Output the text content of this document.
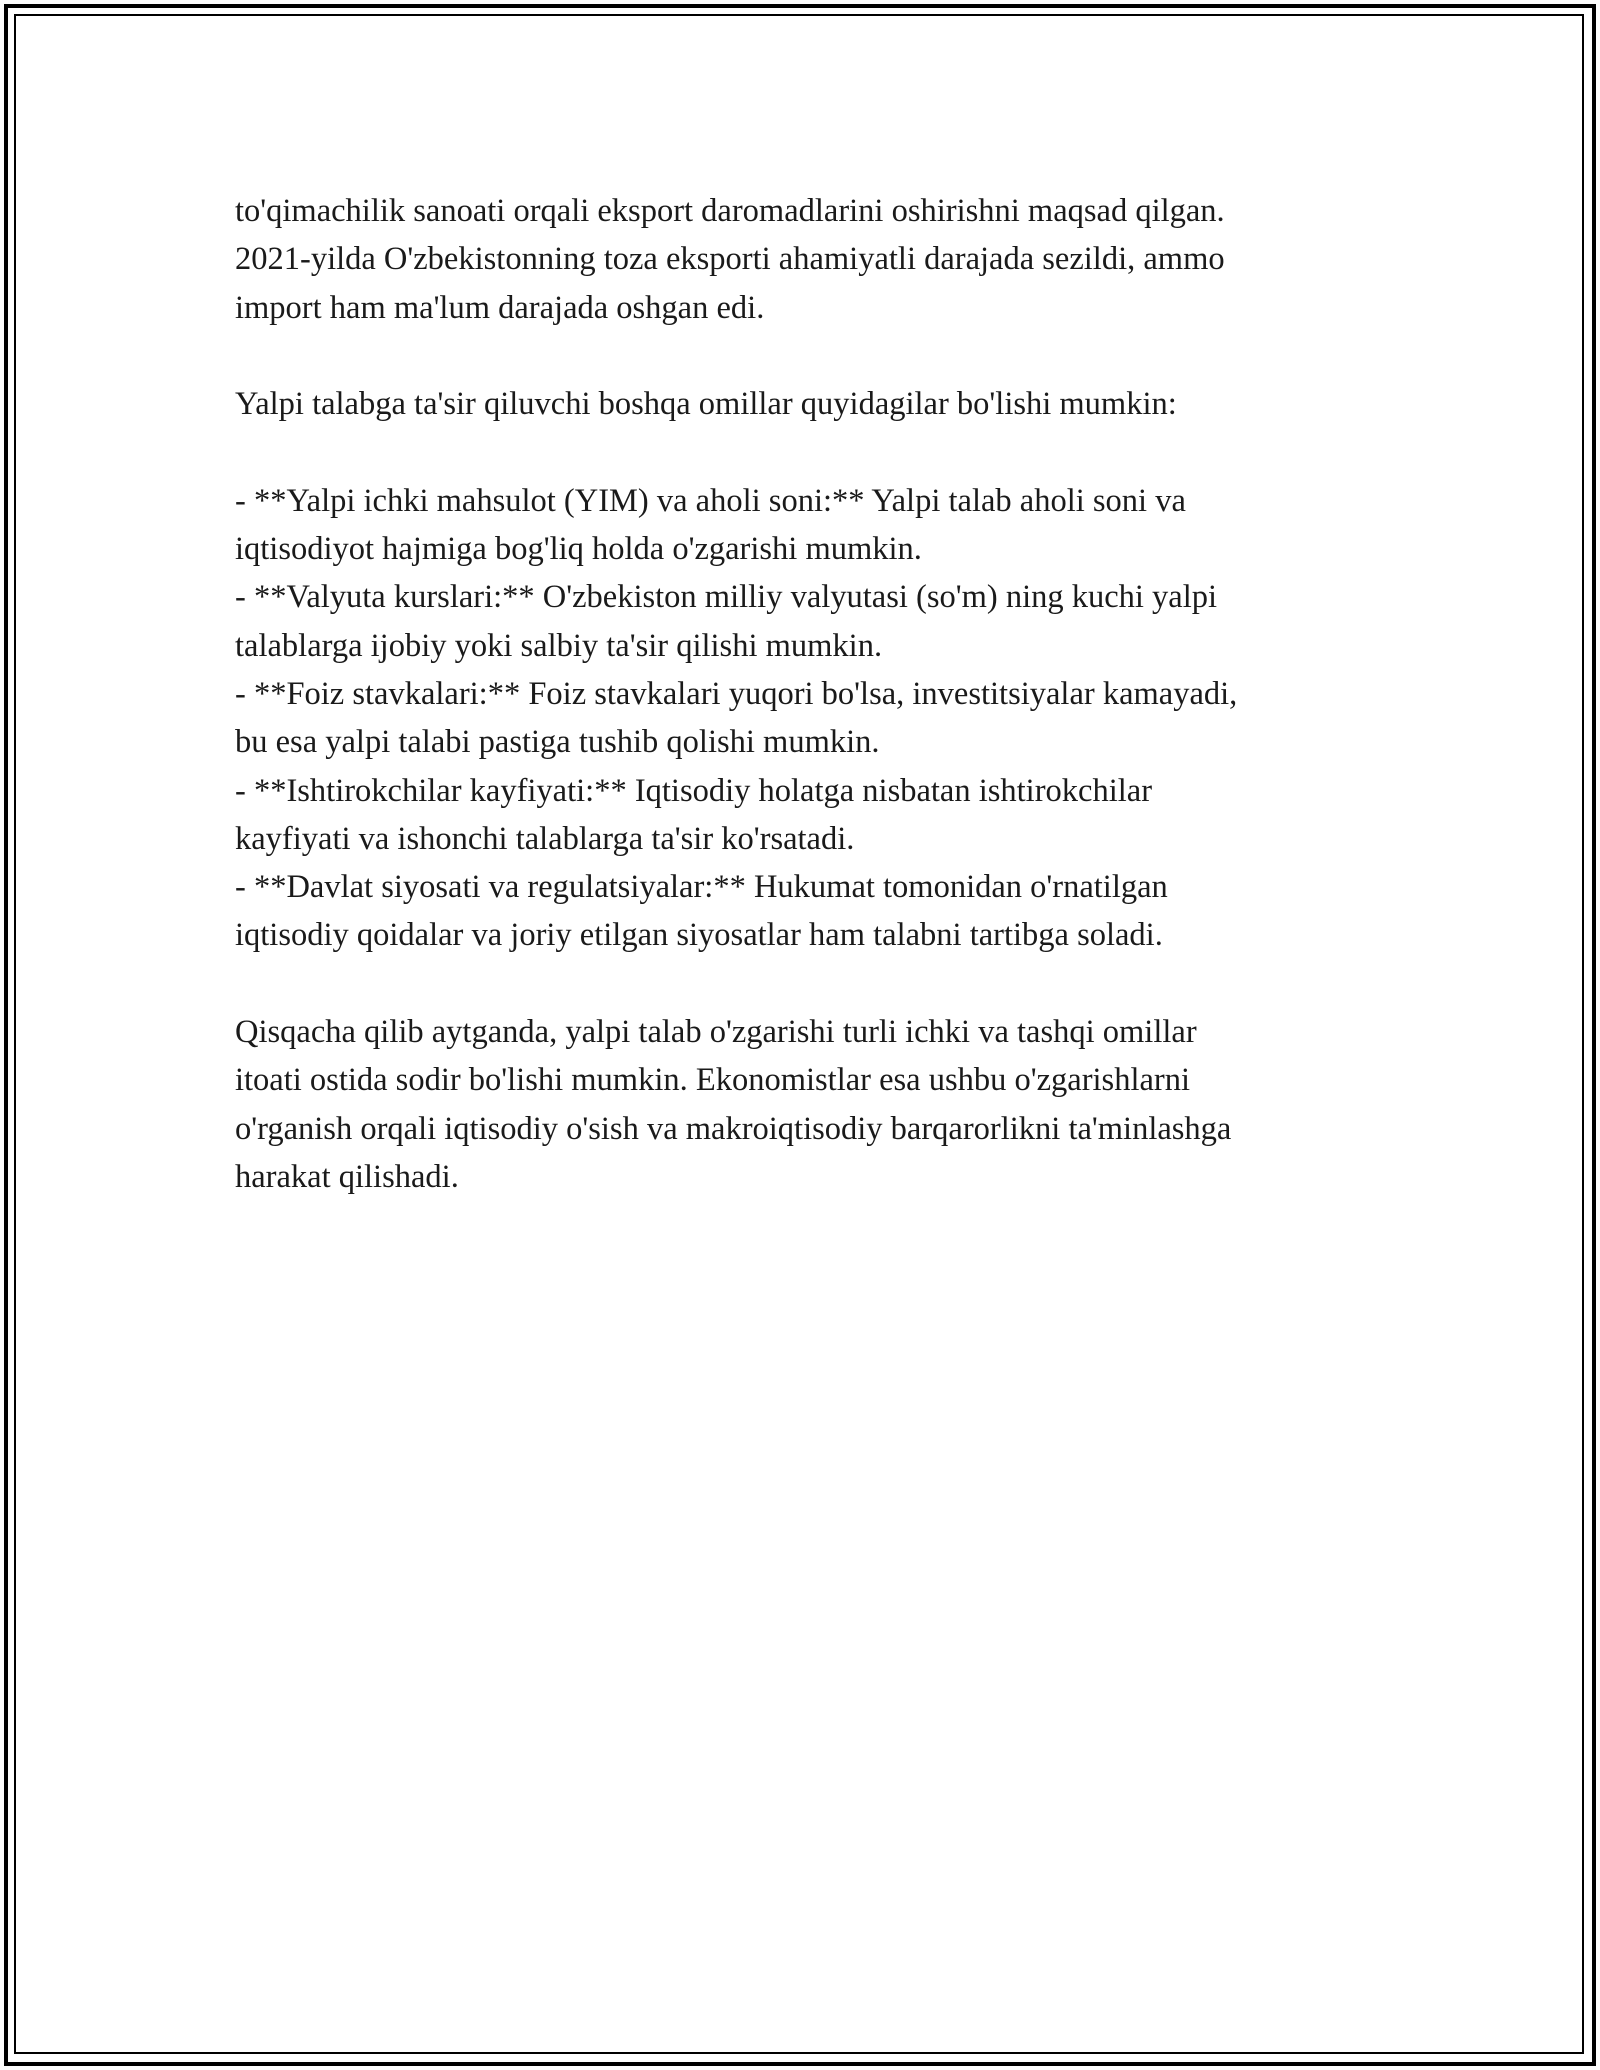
to'qimachilik sanoati orqali eksport daromadlarini oshirishni maqsad qilgan.
2021-yilda O'zbekistonning toza eksporti ahamiyatli darajada sezildi, ammo
import ham ma'lum darajada oshgan edi.
Yalpi talabga ta'sir qiluvchi boshqa omillar quyidagilar bo'lishi mumkin:
- **Yalpi ichki mahsulot (YIM) va aholi soni:** Yalpi talab aholi soni va
iqtisodiyot hajmiga bog'liq holda o'zgarishi mumkin.
- **Valyuta kurslari:** O'zbekiston milliy valyutasi (so'm) ning kuchi yalpi
talablarga ijobiy yoki salbiy ta'sir qilishi mumkin.
- **Foiz stavkalari:** Foiz stavkalari yuqori bo'lsa, investitsiyalar kamayadi,
bu esa yalpi talabi pastiga tushib qolishi mumkin.
- **Ishtirokchilar kayfiyati:** Iqtisodiy holatga nisbatan ishtirokchilar
kayfiyati va ishonchi talablarga ta'sir ko'rsatadi.
- **Davlat siyosati va regulatsiyalar:** Hukumat tomonidan o'rnatilgan
iqtisodiy qoidalar va joriy etilgan siyosatlar ham talabni tartibga soladi.
Qisqacha qilib aytganda, yalpi talab o'zgarishi turli ichki va tashqi omillar
itoati ostida sodir bo'lishi mumkin. Ekonomistlar esa ushbu o'zgarishlarni
o'rganish orqali iqtisodiy o'sish va makroiqtisodiy barqarorlikni ta'minlashga
harakat qilishadi.
